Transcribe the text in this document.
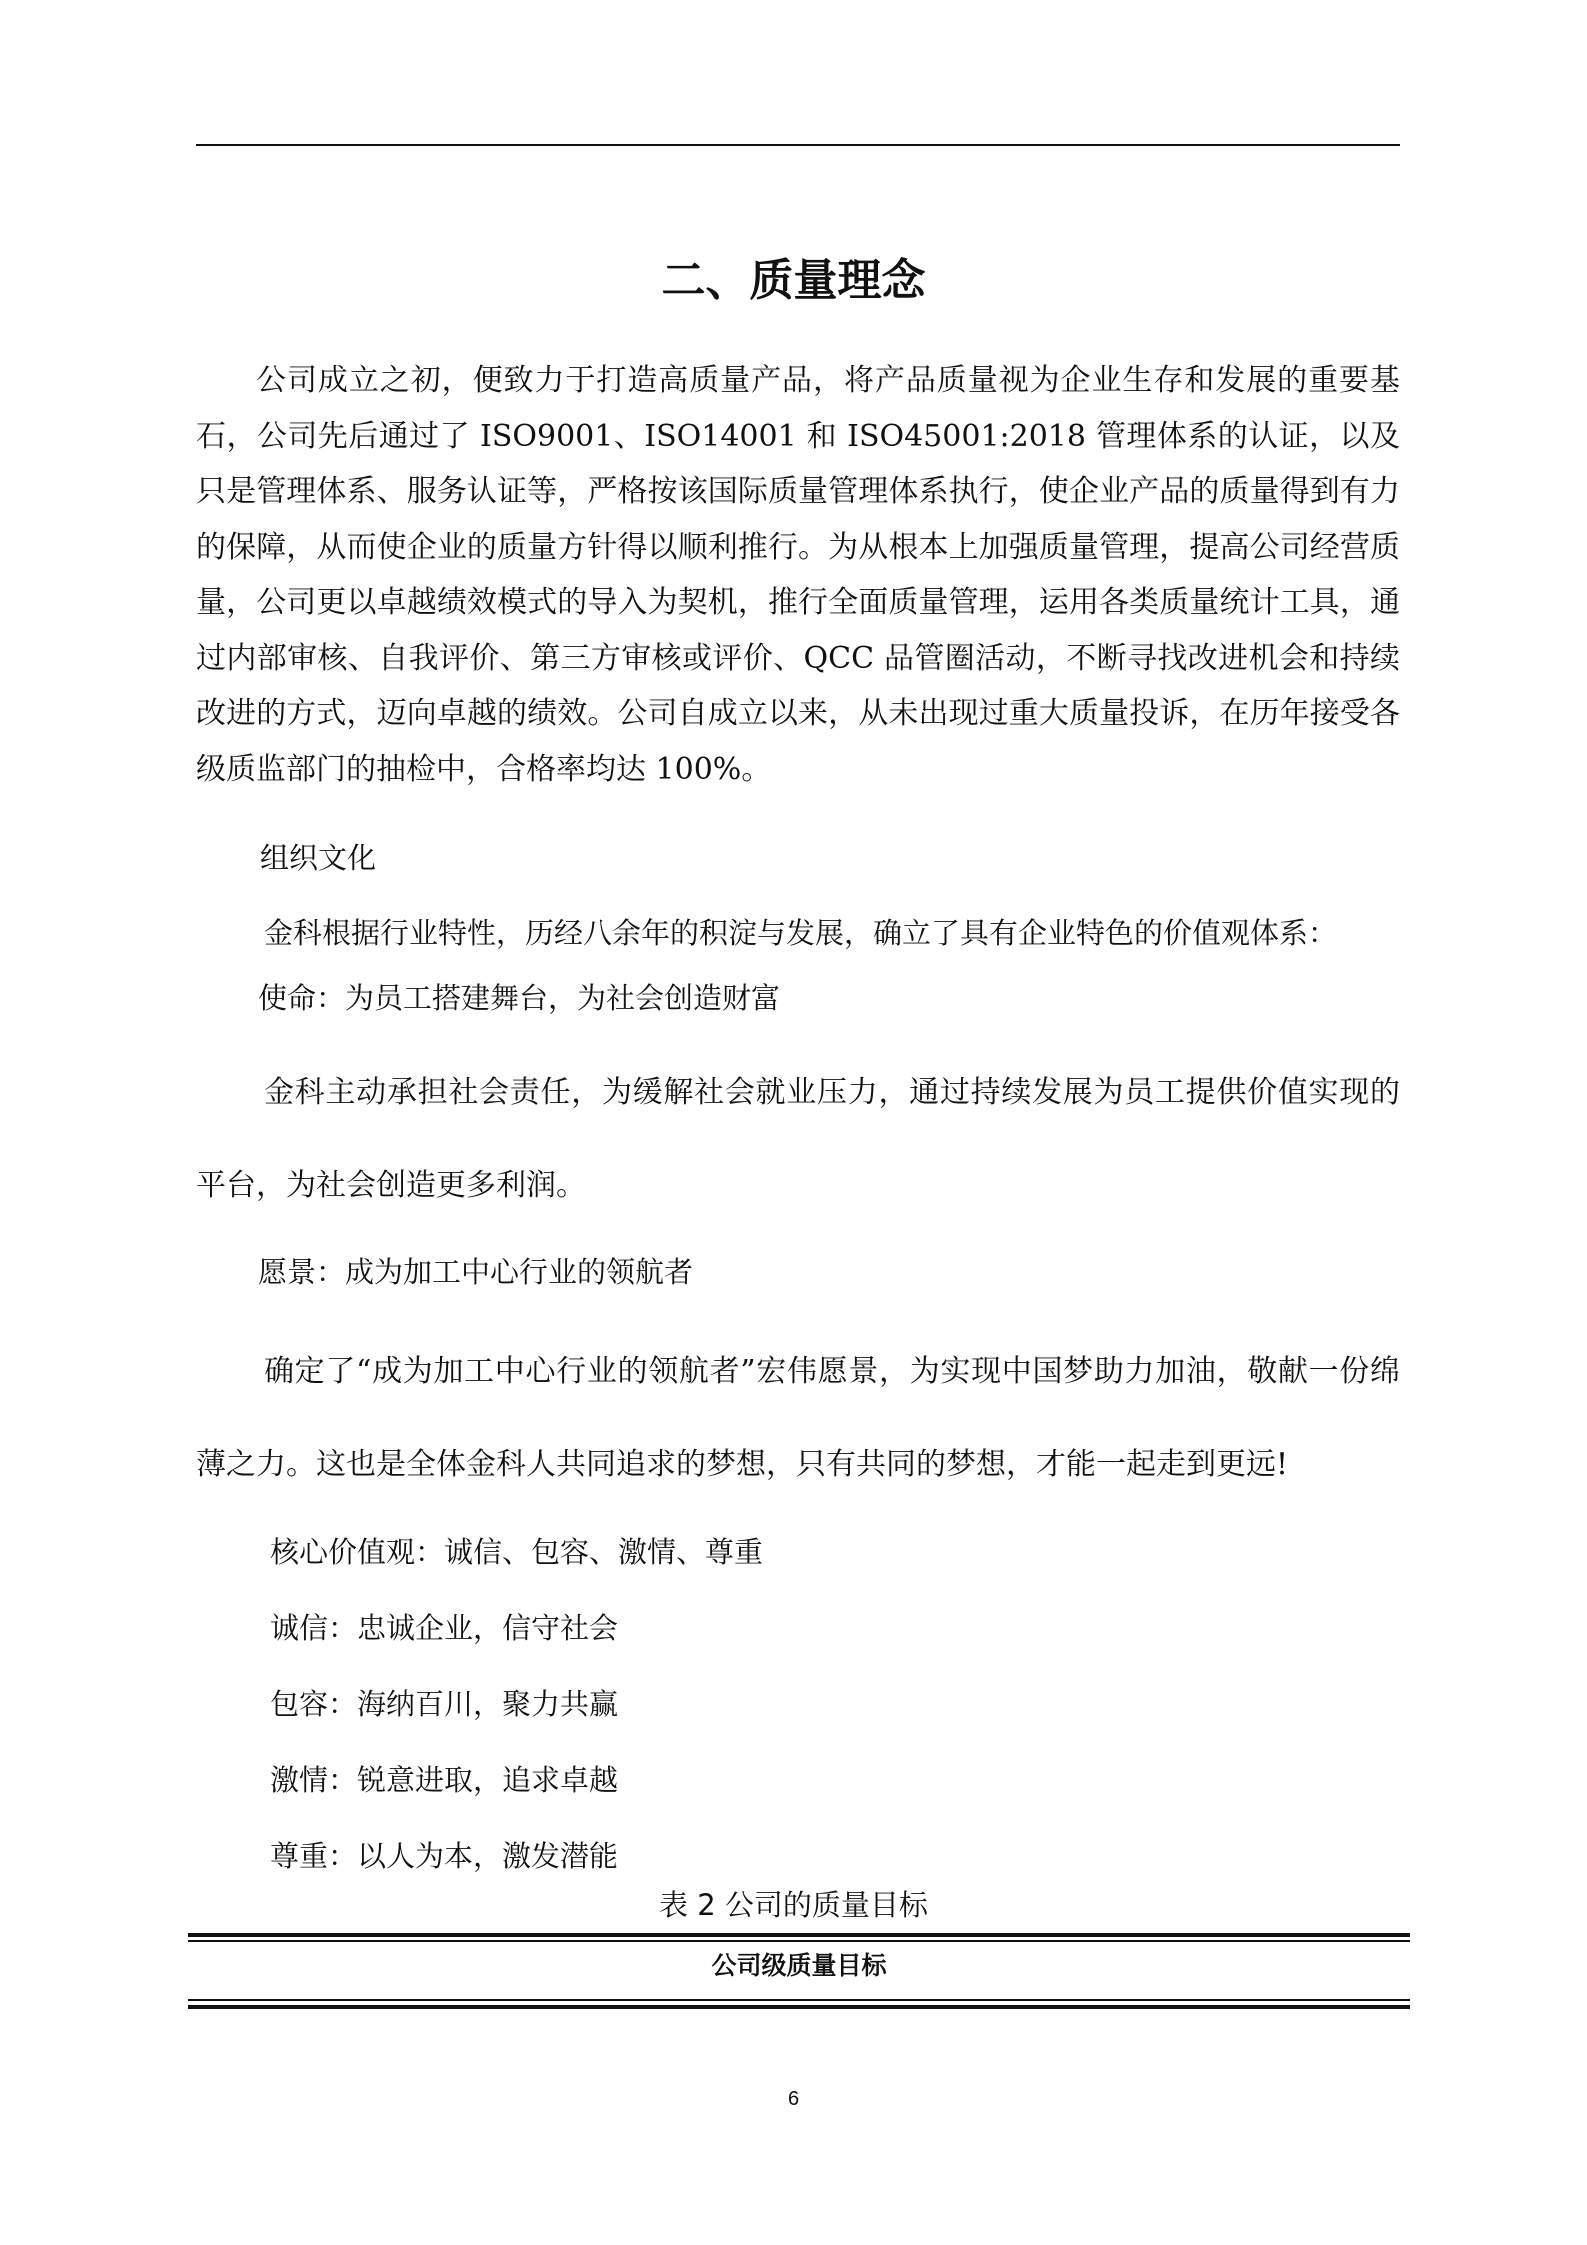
二、质量理念

公司成立之初，便致力于打造高质量产品，将产品质量视为企业生存和发展的重要基石，公司先后通过了 ISO9001、ISO14001 和 ISO45001:2018 管理体系的认证，以及只是管理体系、服务认证等，严格按该国际质量管理体系执行，使企业产品的质量得到有力的保障，从而使企业的质量方针得以顺利推行。为从根本上加强质量管理，提高公司经营质量，公司更以卓越绩效模式的导入为契机，推行全面质量管理，运用各类质量统计工具，通过内部审核、自我评价、第三方审核或评价、QCC 品管圈活动，不断寻找改进机会和持续改进的方式，迈向卓越的绩效。公司自成立以来，从未出现过重大质量投诉，在历年接受各级质监部门的抽检中，合格率均达 100%。

组织文化

金科根据行业特性，历经八余年的积淀与发展，确立了具有企业特色的价值观体系：

使命：为员工搭建舞台，为社会创造财富

金科主动承担社会责任，为缓解社会就业压力，通过持续发展为员工提供价值实现的平台，为社会创造更多利润。

愿景：成为加工中心行业的领航者

确定了“成为加工中心行业的领航者”宏伟愿景，为实现中国梦助力加油，敬献一份绵薄之力。这也是全体金科人共同追求的梦想，只有共同的梦想，才能一起走到更远!

核心价值观：诚信、包容、激情、尊重

诚信：忠诚企业，信守社会

包容：海纳百川，聚力共赢

激情：锐意进取，追求卓越

尊重：以人为本，激发潜能

表 2 公司的质量目标
公司级质量目标
6
